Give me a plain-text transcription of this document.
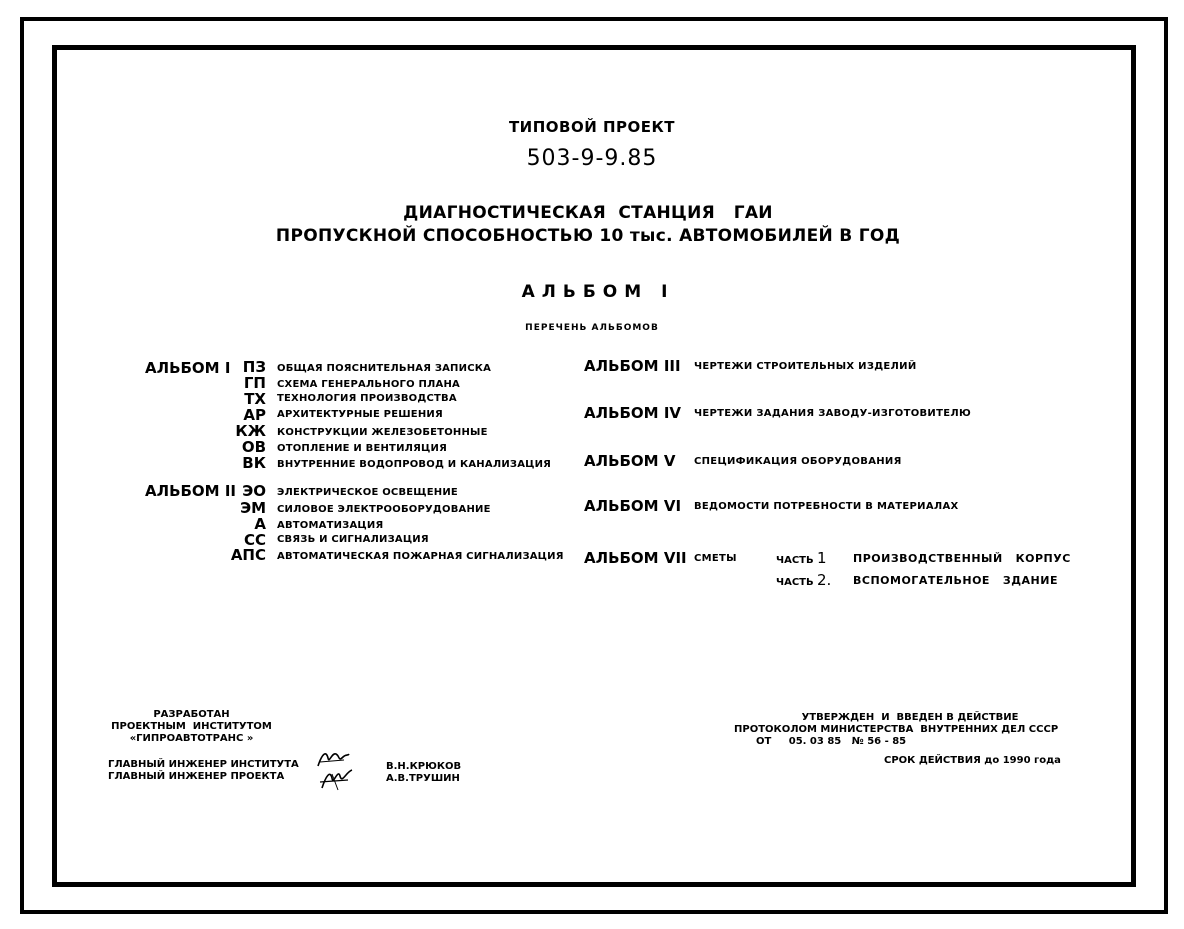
ТИПОВОЙ ПРОЕКТ
503-9-9.85
ДИАГНОСТИЧЕСКАЯ  СТАНЦИЯ   ГАИ
ПРОПУСКНОЙ СПОСОБНОСТЬЮ 10 тыс. АВТОМОБИЛЕЙ В ГОД
АЛЬБОМ I
ПЕРЕЧЕНЬ АЛЬБОМОВ
АЛЬБОМ I ПЗ ОБЩАЯ ПОЯСНИТЕЛЬНАЯ ЗАПИСКА
ГП СХЕМА ГЕНЕРАЛЬНОГО ПЛАНА
ТХ ТЕХНОЛОГИЯ ПРОИЗВОДСТВА
АР АРХИТЕКТУРНЫЕ РЕШЕНИЯ
КЖ КОНСТРУКЦИИ ЖЕЛЕЗОБЕТОННЫЕ
ОВ ОТОПЛЕНИЕ И ВЕНТИЛЯЦИЯ
ВК ВНУТРЕННИЕ ВОДОПРОВОД И КАНАЛИЗАЦИЯ
АЛЬБОМ II ЭО ЭЛЕКТРИЧЕСКОЕ ОСВЕЩЕНИЕ
ЭМ СИЛОВОЕ ЭЛЕКТРООБОРУДОВАНИЕ
А АВТОМАТИЗАЦИЯ
СС СВЯЗЬ И СИГНАЛИЗАЦИЯ
АПС АВТОМАТИЧЕСКАЯ ПОЖАРНАЯ СИГНАЛИЗАЦИЯ
АЛЬБОМ III ЧЕРТЕЖИ СТРОИТЕЛЬНЫХ ИЗДЕЛИЙ
АЛЬБОМ IV ЧЕРТЕЖИ ЗАДАНИЯ ЗАВОДУ-ИЗГОТОВИТЕЛЮ
АЛЬБОМ V СПЕЦИФИКАЦИЯ ОБОРУДОВАНИЯ
АЛЬБОМ VI ВЕДОМОСТИ ПОТРЕБНОСТИ В МАТЕРИАЛАХ
АЛЬБОМ VII СМЕТЫ	ЧАСТЬ 1 ПРОИЗВОДСТВЕННЫЙ   КОРПУС
ЧАСТЬ 2. ВСПОМОГАТЕЛЬНОЕ   ЗДАНИЕ
РАЗРАБОТАН
ПРОЕКТНЫМ  ИНСТИТУТОМ
«ГИПРОАВТОТРАНС »
ГЛАВНЫЙ ИНЖЕНЕР ИНСТИТУТА
ГЛАВНЫЙ ИНЖЕНЕР ПРОЕКТА
В.Н.КРЮКОВ
А.В.ТРУШИН
УТВЕРЖДЕН  И  ВВЕДЕН В ДЕЙСТВИЕ
ПРОТОКОЛОМ МИНИСТЕРСТВА  ВНУТРЕННИХ ДЕЛ СССР
ОТ     05. 03 85   № 56 - 85
СРОК ДЕЙСТВИЯ до 1990 года
